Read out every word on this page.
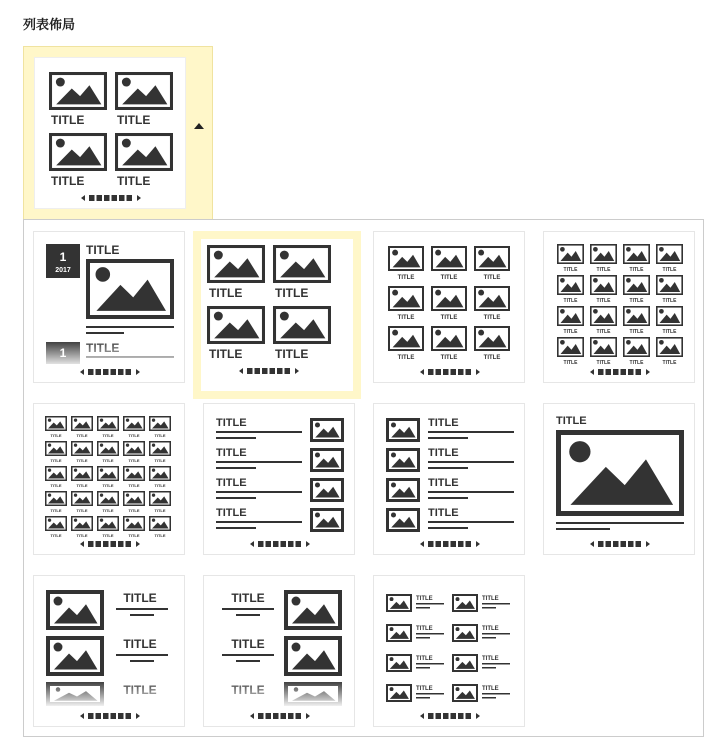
列表佈局
TITLE	TITLE
TITLE	TITLE
1
2017
TITLE
TITLE	TITLE
TITLE	TITLE
TITLE	TITLE	TITLE
TITLE	TITLE	TITLE
TITLE	TITLE	TITLE
TITLE	TITLE	TITLE	TITLE
TITLE	TITLE	TITLE	TITLE
TITLE	TITLE	TITLE	TITLE
TITLE	TITLE	TITLE	TITLE
TITLE	TITLE	TITLE	TITLE	TITLE
TITLE	TITLE	TITLE	TITLE	TITLE
TITLE	TITLE	TITLE	TITLE	TITLE
TITLE	TITLE	TITLE	TITLE	TITLE
TITLE	TITLE	TITLE	TITLE	TITLE
TITLE
TITLE
TITLE
TITLE
TITLE
TITLE
TITLE
TITLE
TITLE
TITLE
TITLE
TITLE
TITLE
TITLE	TITLE
TITLE	TITLE
TITLE	TITLE
TITLE	TITLE
